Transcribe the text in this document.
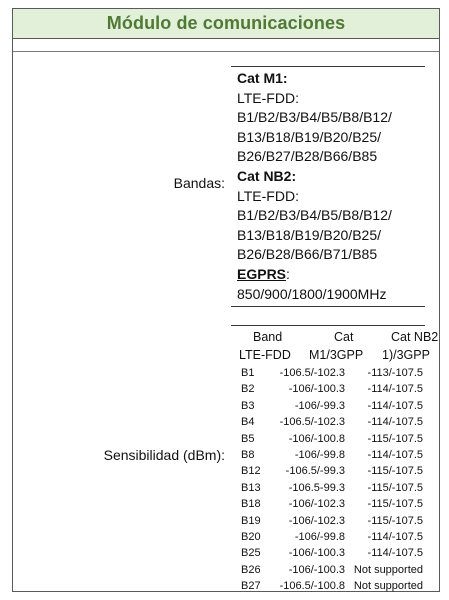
Módulo de comunicaciones
Bandas:
Cat M1:
LTE-FDD:
B1/B2/B3/B4/B5/B8/B12/
B13/B18/B19/B20/B25/
B26/B27/B28/B66/B85
Cat NB2:
LTE-FDD:
B1/B2/B3/B4/B5/B8/B12/
B13/B18/B19/B20/B25/
B26/B28/B66/B71/B85
EGPRS:
850/900/1800/1900MHz
Sensibilidad (dBm):
Band	Cat	Cat NB2
LTE-FDD M1/3GPP 1)/3GPP
B1 -106.5/-102.3 -113/-107.5
B2	-106/-100.3 -114/-107.5
B3	-106/-99.3 -114/-107.5
B4 -106.5/-102.3 -114/-107.5
B5	-106/-100.8 -115/-107.5
B8	-106/-99.8 -114/-107.5
B12 -106.5/-99.3 -115/-107.5
B13	-106.5-99.3 -115/-107.5
B18	-106/-102.3 -115/-107.5
B19	-106/-102.3 -115/-107.5
B20	-106/-99.8 -114/-107.5
B25	-106/-100.3 -114/-107.5
B26	-106/-100.3 Not supported
B27 -106.5/-100.8 Not supported
